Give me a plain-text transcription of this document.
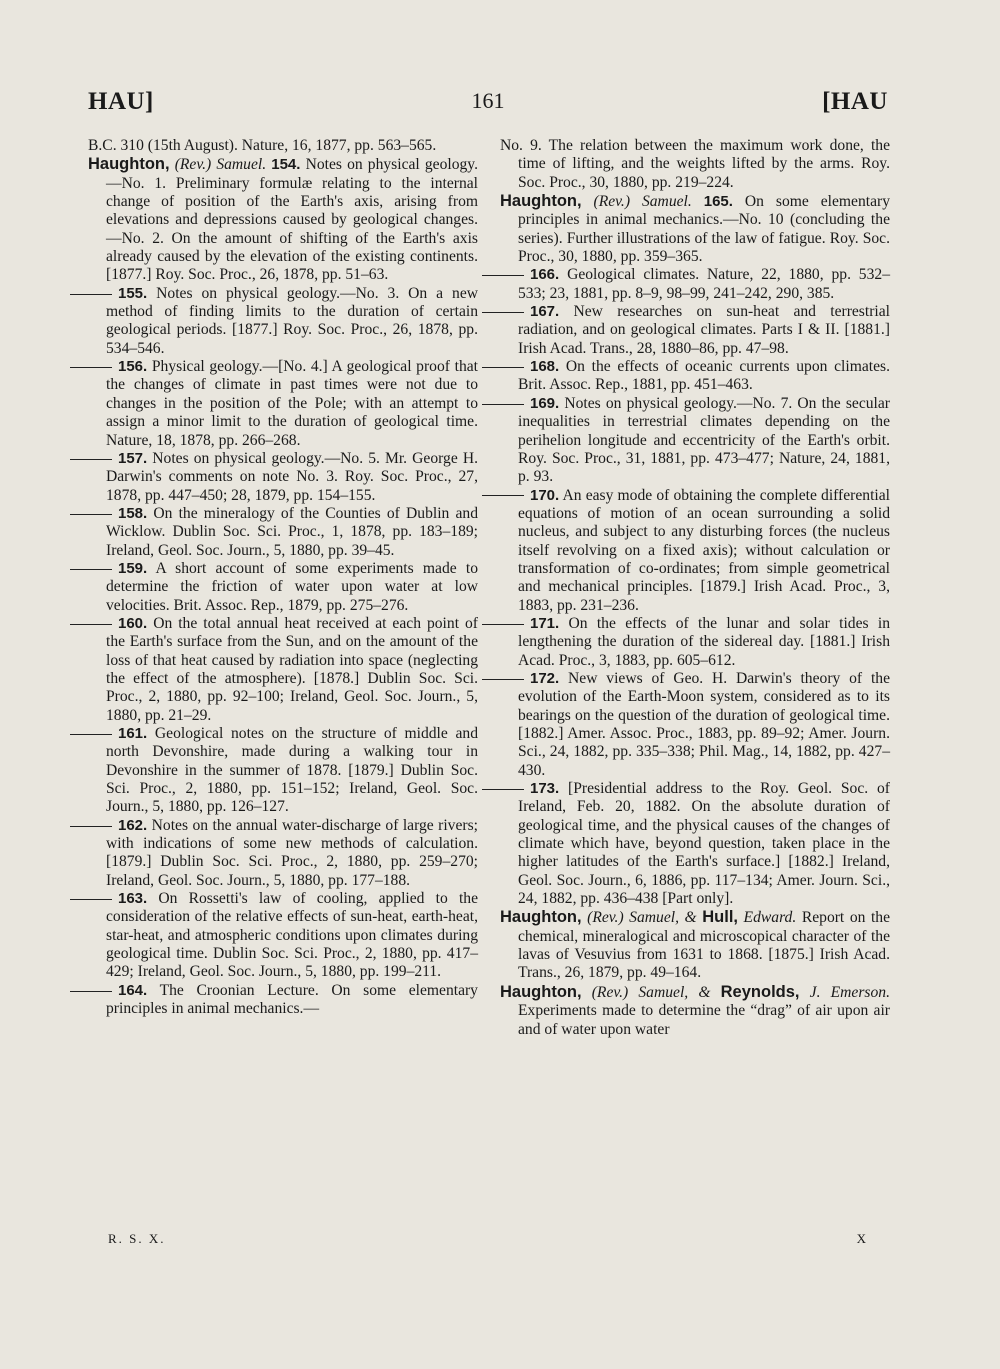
HAU]	161	[HAU

B.C. 310 (15th August). Nature, 16, 1877, pp. 563–565.

Haughton, (Rev.) Samuel. 154. Notes on physical geology.—No. 1. Preliminary formulæ relating to the internal change of position of the Earth's axis, arising from elevations and depressions caused by geological changes.—No. 2. On the amount of shifting of the Earth's axis already caused by the elevation of the existing continents. [1877.] Roy. Soc. Proc., 26, 1878, pp. 51–63.

155. Notes on physical geology.—No. 3. On a new method of finding limits to the duration of certain geological periods. [1877.] Roy. Soc. Proc., 26, 1878, pp. 534–546.

156. Physical geology.—[No. 4.] A geological proof that the changes of climate in past times were not due to changes in the position of the Pole; with an attempt to assign a minor limit to the duration of geological time. Nature, 18, 1878, pp. 266–268.

157. Notes on physical geology.—No. 5. Mr. George H. Darwin's comments on note No. 3. Roy. Soc. Proc., 27, 1878, pp. 447–450; 28, 1879, pp. 154–155.

158. On the mineralogy of the Counties of Dublin and Wicklow. Dublin Soc. Sci. Proc., 1, 1878, pp. 183–189; Ireland, Geol. Soc. Journ., 5, 1880, pp. 39–45.

159. A short account of some experiments made to determine the friction of water upon water at low velocities. Brit. Assoc. Rep., 1879, pp. 275–276.

160. On the total annual heat received at each point of the Earth's surface from the Sun, and on the amount of the loss of that heat caused by radiation into space (neglecting the effect of the atmosphere). [1878.] Dublin Soc. Sci. Proc., 2, 1880, pp. 92–100; Ireland, Geol. Soc. Journ., 5, 1880, pp. 21–29.

161. Geological notes on the structure of middle and north Devonshire, made during a walking tour in Devonshire in the summer of 1878. [1879.] Dublin Soc. Sci. Proc., 2, 1880, pp. 151–152; Ireland, Geol. Soc. Journ., 5, 1880, pp. 126–127.

162. Notes on the annual water-discharge of large rivers; with indications of some new methods of calculation. [1879.] Dublin Soc. Sci. Proc., 2, 1880, pp. 259–270; Ireland, Geol. Soc. Journ., 5, 1880, pp. 177–188.

163. On Rossetti's law of cooling, applied to the consideration of the relative effects of sun-heat, earth-heat, star-heat, and atmospheric conditions upon climates during geological time. Dublin Soc. Sci. Proc., 2, 1880, pp. 417–429; Ireland, Geol. Soc. Journ., 5, 1880, pp. 199–211.

164. The Croonian Lecture. On some elementary principles in animal mechanics.—

No. 9. The relation between the maximum work done, the time of lifting, and the weights lifted by the arms. Roy. Soc. Proc., 30, 1880, pp. 219–224.

Haughton, (Rev.) Samuel. 165. On some elementary principles in animal mechanics.—No. 10 (concluding the series). Further illustrations of the law of fatigue. Roy. Soc. Proc., 30, 1880, pp. 359–365.

166. Geological climates. Nature, 22, 1880, pp. 532–533; 23, 1881, pp. 8–9, 98–99, 241–242, 290, 385.

167. New researches on sun-heat and terrestrial radiation, and on geological climates. Parts I & II. [1881.] Irish Acad. Trans., 28, 1880–86, pp. 47–98.

168. On the effects of oceanic currents upon climates. Brit. Assoc. Rep., 1881, pp. 451–463.

169. Notes on physical geology.—No. 7. On the secular inequalities in terrestrial climates depending on the perihelion longitude and eccentricity of the Earth's orbit. Roy. Soc. Proc., 31, 1881, pp. 473–477; Nature, 24, 1881, p. 93.

170. An easy mode of obtaining the complete differential equations of motion of an ocean surrounding a solid nucleus, and subject to any disturbing forces (the nucleus itself revolving on a fixed axis); without calculation or transformation of co-ordinates; from simple geometrical and mechanical principles. [1879.] Irish Acad. Proc., 3, 1883, pp. 231–236.

171. On the effects of the lunar and solar tides in lengthening the duration of the sidereal day. [1881.] Irish Acad. Proc., 3, 1883, pp. 605–612.

172. New views of Geo. H. Darwin's theory of the evolution of the Earth-Moon system, considered as to its bearings on the question of the duration of geological time. [1882.] Amer. Assoc. Proc., 1883, pp. 89–92; Amer. Journ. Sci., 24, 1882, pp. 335–338; Phil. Mag., 14, 1882, pp. 427–430.

173. [Presidential address to the Roy. Geol. Soc. of Ireland, Feb. 20, 1882. On the absolute duration of geological time, and the physical causes of the changes of climate which have, beyond question, taken place in the higher latitudes of the Earth's surface.] [1882.] Ireland, Geol. Soc. Journ., 6, 1886, pp. 117–134; Amer. Journ. Sci., 24, 1882, pp. 436–438 [Part only].

Haughton, (Rev.) Samuel, & Hull, Edward. Report on the chemical, mineralogical and microscopical character of the lavas of Vesuvius from 1631 to 1868. [1875.] Irish Acad. Trans., 26, 1879, pp. 49–164.

Haughton, (Rev.) Samuel, & Reynolds, J. Emerson. Experiments made to determine the “drag” of air upon air and of water upon water

R. S. X.	X
